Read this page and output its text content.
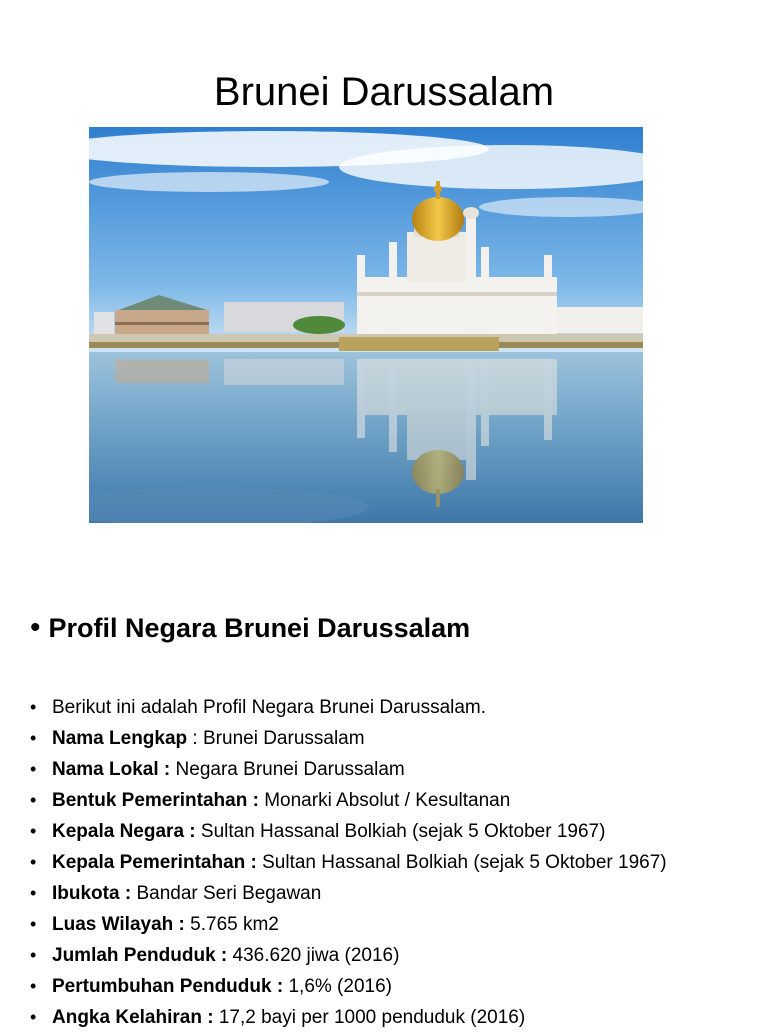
Brunei Darussalam
• Profil Negara Brunei Darussalam
• Berikut ini adalah Profil Negara Brunei Darussalam.
• Nama Lengkap : Brunei Darussalam
• Nama Lokal :
Negara Brunei Darussalam
• Bentuk Pemerintahan :
Monarki Absolut / Kesultanan
• Kepala Negara :
Sultan Hassanal Bolkiah (sejak 5 Oktober 1967)
• Kepala Pemerintahan :
Sultan Hassanal Bolkiah (sejak 5 Oktober 1967)
• Ibukota :
Bandar Seri Begawan
• Luas Wilayah :
5.765 km2
• Jumlah Penduduk :
436.620 jiwa (2016)
• Pertumbuhan Penduduk :
1,6% (2016)
• Angka Kelahiran :
17,2 bayi per 1000 penduduk (2016)
